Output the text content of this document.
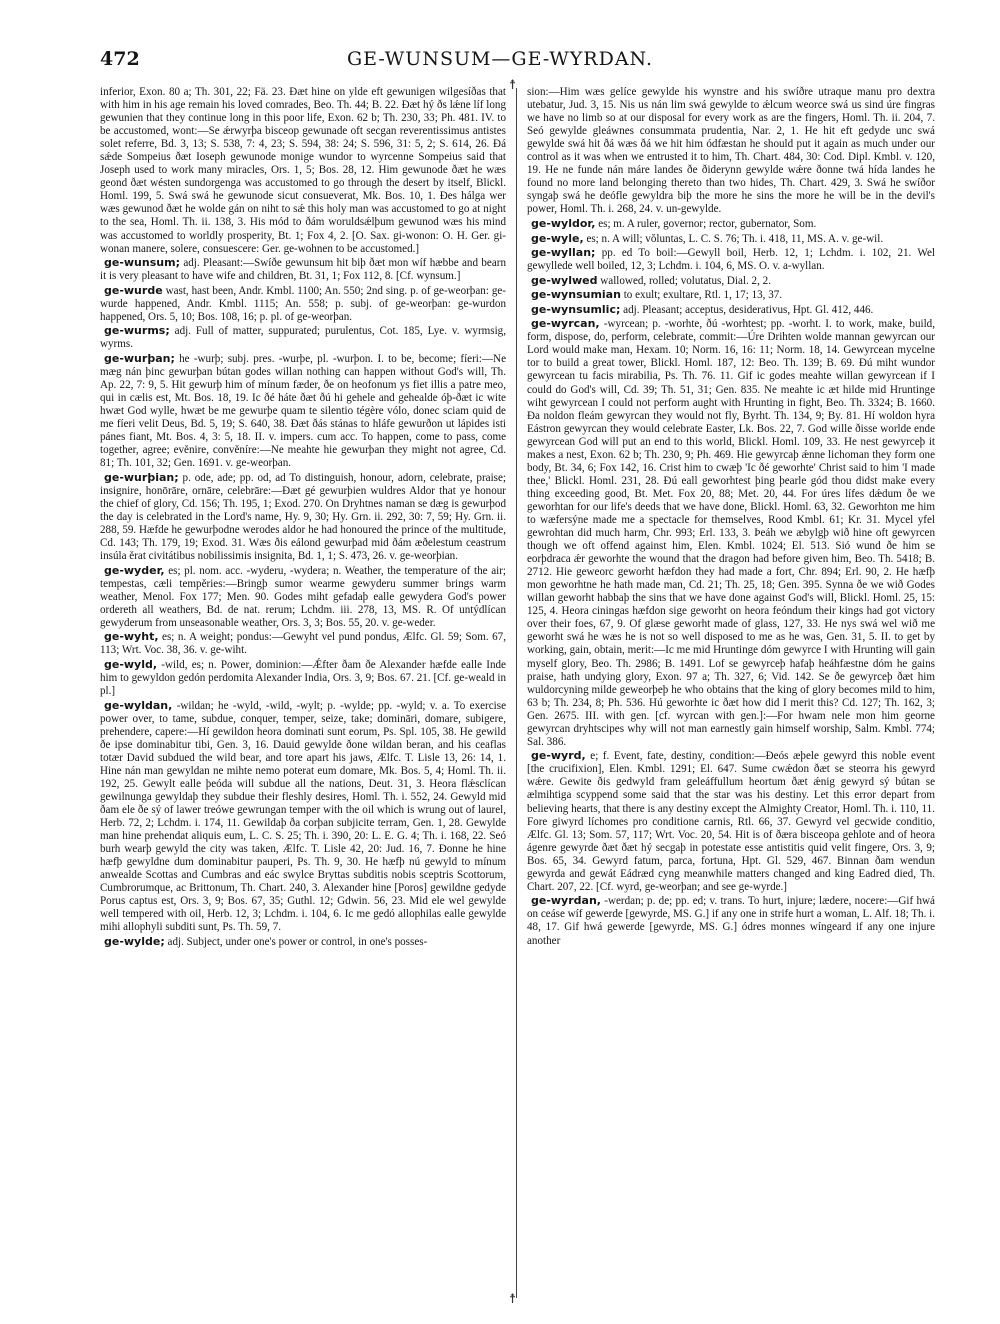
472	GE-WUNSUM—GE-WYRDAN.
☨
☨

inferior, Exon. 80 a; Th. 301, 22; Fä. 23. Ðæt hine on ylde eft gewunigen wilgesíðas that with him in his age remain his loved comrades, Beo. Th. 44; B. 22. Ðæt hý ðs lǽne líf long gewunien that they continue long in this poor life, Exon. 62 b; Th. 230, 33; Ph. 481. IV. to be accustomed, wont:—Se ǽrwyrþa bisceop gewunade oft secgan reverentissimus antistes solet referre, Bd. 3, 13; S. 538, 7: 4, 23; S. 594, 38: 24; S. 596, 31: 5, 2; S. 614, 26. Ðá sǽde Sompeius ðæt Ioseph gewunode monige wundor to wyrcenne Sompeius said that Joseph used to work many miracles, Ors. 1, 5; Bos. 28, 12. Him gewunode ðæt he wæs geond ðæt wésten sundorgenga was accustomed to go through the desert by itself, Blickl. Homl. 199, 5. Swá swá he gewunode sicut consueverat, Mk. Bos. 10, 1. Ðes hálga wer wæs gewunod ðæt he wolde gán on niht to sǽ this holy man was accustomed to go at night to the sea, Homl. Th. ii. 138, 3. His mód to ðám woruldsǽlþum gewunod wæs his mind was accustomed to worldly prosperity, Bt. 1; Fox 4, 2. [O. Sax. gi-wonon: O. H. Ger. gi-wonan manere, solere, consuescere: Ger. ge-wohnen to be accustomed.]

ge-wunsum; adj. Pleasant:—Swíðe gewunsum hit biþ ðæt mon wíf hæbbe and bearn it is very pleasant to have wife and children, Bt. 31, 1; Fox 112, 8. [Cf. wynsum.]

ge-wurde wast, hast been, Andr. Kmbl. 1100; An. 550; 2nd sing. p. of ge-weorþan: ge-wurde happened, Andr. Kmbl. 1115; An. 558; p. subj. of ge-weorþan: ge-wurdon happened, Ors. 5, 10; Bos. 108, 16; p. pl. of ge-weorþan.

ge-wurms; adj. Full of matter, suppurated; purulentus, Cot. 185, Lye. v. wyrmsig, wyrms.

ge-wurþan; he -wurþ; subj. pres. -wurþe, pl. -wurþon. I. to be, become; fíeri:—Ne mæg nán þinc gewurþan bútan godes willan nothing can happen without God's will, Th. Ap. 22, 7: 9, 5. Hit gewurþ him of mínum fæder, ðe on heofonum ys fiet illis a patre meo, qui in cælis est, Mt. Bos. 18, 19. Ic ðé háte ðæt ðú hi gehele and gehealde óþ-ðæt ic wite hwæt God wylle, hwæt be me gewurþe quam te silentio tégère vólo, donec sciam quid de me fíeri velit Deus, Bd. 5, 19; S. 640, 38. Ðæt ðás stánas to hláfe gewurðon ut lápides isti pánes fiant, Mt. Bos. 4, 3: 5, 18. II. v. impers. cum acc. To happen, come to pass, come together, agree; evěnire, convěníre:—Ne meahte hie gewurþan they might not agree, Cd. 81; Th. 101, 32; Gen. 1691. v. ge-weorþan.

ge-wurþian; p. ode, ade; pp. od, ad To distinguish, honour, adorn, celebrate, praise; insignire, honōrāre, ornāre, celebrāre:—Ðæt gé gewurþien wuldres Aldor that ye honour the chief of glory, Cd. 156; Th. 195, 1; Exod. 270. On Dryhtnes naman se dæg is gewurþod the day is celebrated in the Lord's name, Hy. 9, 30; Hy. Grn. ii. 292, 30: 7, 59; Hy. Grn. ii. 288, 59. Hæfde he gewurþodne werodes aldor he had honoured the prince of the multitude, Cd. 143; Th. 179, 19; Exod. 31. Wæs ðis eálond gewurþad mid ðám æðelestum ceastrum insúla ěrat civitátibus nobilissimis insignita, Bd. 1, 1; S. 473, 26. v. ge-weorþian.

ge-wyder, es; pl. nom. acc. -wyderu, -wydera; n. Weather, the temperature of the air; tempestas, cæli tempěries:—Bringþ sumor wearme gewyderu summer brings warm weather, Menol. Fox 177; Men. 90. Godes miht gefadaþ ealle gewydera God's power ordereth all weathers, Bd. de nat. rerum; Lchdm. iii. 278, 13, MS. R. Of untýdlícan gewyderum from unseasonable weather, Ors. 3, 3; Bos. 55, 20. v. ge-weder.

ge-wyht, es; n. A weight; pondus:—Gewyht vel pund pondus, Ælfc. Gl. 59; Som. 67, 113; Wrt. Voc. 38, 36. v. ge-wiht.

ge-wyld, -wild, es; n. Power, dominion:—Ǽfter ðam ðe Alexander hæfde ealle Inde him to gewyldon gedón perdomita Alexander India, Ors. 3, 9; Bos. 67. 21. [Cf. ge-weald in pl.]

ge-wyldan, -wildan; he -wyld, -wild, -wylt; p. -wylde; pp. -wyld; v. a. To exercise power over, to tame, subdue, conquer, temper, seize, take; domināri, domare, subigere, prehendere, capere:—Hí gewildon heora dominati sunt eorum, Ps. Spl. 105, 38. He gewild ðe ipse dominabitur tibi, Gen. 3, 16. Dauid gewylde ðone wildan beran, and his ceaflas totær David subdued the wild bear, and tore apart his jaws, Ælfc. T. Lisle 13, 26: 14, 1. Hine nán man gewyldan ne mihte nemo poterat eum domare, Mk. Bos. 5, 4; Homl. Th. ii. 192, 25. Gewylt ealle þeóda will subdue all the nations, Deut. 31, 3. Heora flǽsclícan gewilnunga gewyldaþ they subdue their fleshly desires, Homl. Th. i. 552, 24. Gewyld mid ðam ele ðe sý of lawer treówe gewrungan temper with the oil which is wrung out of laurel, Herb. 72, 2; Lchdm. i. 174, 11. Gewildaþ ða corþan subjicite terram, Gen. 1, 28. Gewylde man hine prehendat aliquis eum, L. C. S. 25; Th. i. 390, 20: L. E. G. 4; Th. i. 168, 22. Seó burh wearþ gewyld the city was taken, Ælfc. T. Lisle 42, 20: Jud. 16, 7. Ðonne he hine hæfþ gewyldne dum dominabitur pauperi, Ps. Th. 9, 30. He hæfþ nú gewyld to mínum anwealde Scottas and Cumbras and eác swylce Bryttas subditis nobis sceptris Scottorum, Cumbrorumque, ac Brittonum, Th. Chart. 240, 3. Alexander hine [Poros] gewildne gedyde Porus captus est, Ors. 3, 9; Bos. 67, 35; Guthl. 12; Gdwin. 56, 23. Mid ele wel gewylde well tempered with oil, Herb. 12, 3; Lchdm. i. 104, 6. Ic me gedó allophilas ealle gewylde mihi allophyli subditi sunt, Ps. Th. 59, 7.

ge-wylde; adj. Subject, under one's power or control, in one's posses-

sion:—Him wæs gelíce gewylde his wynstre and his swíðre utraque manu pro dextra utebatur, Jud. 3, 15. Nis us nán lim swá gewylde to ǽlcum weorce swá us sind úre fingras we have no limb so at our disposal for every work as are the fingers, Homl. Th. ii. 204, 7. Seó gewylde gleáwnes consummata prudentia, Nar. 2, 1. He hit eft gedyde unc swá gewylde swá hit ðá wæs ðá we hit him ódfæstan he should put it again as much under our control as it was when we entrusted it to him, Th. Chart. 484, 30: Cod. Dipl. Kmbl. v. 120, 19. He ne funde nán máre landes ðe ðiderynn gewylde wǽre ðonne twá hída landes he found no more land belonging thereto than two hides, Th. Chart. 429, 3. Swá he swíðor syngaþ swá he deófle gewyldra biþ the more he sins the more he will be in the devil's power, Homl. Th. i. 268, 24. v. un-gewylde.

ge-wyldor, es; m. A ruler, governor; rector, gubernator, Som.

ge-wyle, es; n. A will; vŏluntas, L. C. S. 76; Th. i. 418, 11, MS. A. v. ge-wil.

ge-wyllan; pp. ed To boil:—Gewyll boil, Herb. 12, 1; Lchdm. i. 102, 21. Wel gewyllede well boiled, 12, 3; Lchdm. i. 104, 6, MS. O. v. a-wyllan.

ge-wylwed wallowed, rolled; volutatus, Dial. 2, 2.

ge-wynsumian to exult; exultare, Rtl. 1, 17; 13, 37.

ge-wynsumlic; adj. Pleasant; acceptus, desiderativus, Hpt. Gl. 412, 446.

ge-wyrcan, -wyrcean; p. -worhte, ðú -worhtest; pp. -worht. I. to work, make, build, form, dispose, do, perform, celebrate, commit:—Úre Drihten wolde mannan gewyrcan our Lord would make man, Hexam. 10; Norm. 16, 16: 11; Norm. 18, 14. Gewyrcean mycelne tor to build a great tower, Blickl. Homl. 187, 12: Beo. Th. 139; B. 69. Ðú miht wundor gewyrcean tu facis mirabilia, Ps. Th. 76. 11. Gif ic godes meahte willan gewyrcean if I could do God's will, Cd. 39; Th. 51, 31; Gen. 835. Ne meahte ic æt hilde mid Hruntinge wiht gewyrcean I could not perform aught with Hrunting in fight, Beo. Th. 3324; B. 1660. Ða noldon fleám gewyrcan they would not fly, Byrht. Th. 134, 9; By. 81. Hí woldon hyra Eástron gewyrcan they would celebrate Easter, Lk. Bos. 22, 7. God wille ðisse worlde ende gewyrcean God will put an end to this world, Blickl. Homl. 109, 33. He nest gewyrceþ it makes a nest, Exon. 62 b; Th. 230, 9; Ph. 469. Hie gewyrcaþ ǽnne lichoman they form one body, Bt. 34, 6; Fox 142, 16. Crist him to cwæþ 'Ic ðé geworhte' Christ said to him 'I made thee,' Blickl. Homl. 231, 28. Ðú eall geworhtest þing þearle gód thou didst make every thing exceeding good, Bt. Met. Fox 20, 88; Met. 20, 44. For úres lífes dǽdum ðe we geworhtan for our life's deeds that we have done, Blickl. Homl. 63, 32. Geworhton me him to wæfersýne made me a spectacle for themselves, Rood Kmbl. 61; Kr. 31. Mycel yfel gewrohtan did much harm, Chr. 993; Erl. 133, 3. Þeáh we æbylgþ wið hine oft gewyrcen though we oft offend against him, Elen. Kmbl. 1024; El. 513. Sió wund ðe him se eorþdraca ǽr geworhte the wound that the dragon had before given him, Beo. Th. 5418; B. 2712. Hie geweorc geworht hæfdon they had made a fort, Chr. 894; Erl. 90, 2. He hæfþ mon geworhtne he hath made man, Cd. 21; Th. 25, 18; Gen. 395. Synna ðe we wið Godes willan geworht habbaþ the sins that we have done against God's will, Blickl. Homl. 25, 15: 125, 4. Heora ciningas hæfdon sige geworht on heora feóndum their kings had got victory over their foes, 67, 9. Of glæse geworht made of glass, 127, 33. He nys swá wel wið me geworht swá he wæs he is not so well disposed to me as he was, Gen. 31, 5. II. to get by working, gain, obtain, merit:—Ic me mid Hruntinge dóm gewyrce I with Hrunting will gain myself glory, Beo. Th. 2986; B. 1491. Lof se gewyrceþ hafaþ heáhfæstne dóm he gains praise, hath undying glory, Exon. 97 a; Th. 327, 6; Vid. 142. Se ðe gewyrceþ ðæt him wuldorcyning milde geweorþeþ he who obtains that the king of glory becomes mild to him, 63 b; Th. 234, 8; Ph. 536. Hú geworhte ic ðæt how did I merit this? Cd. 127; Th. 162, 3; Gen. 2675. III. with gen. [cf. wyrcan with gen.]:—For hwam nele mon him georne gewyrcan dryhtscipes why will not man earnestly gain himself worship, Salm. Kmbl. 774; Sal. 386.

ge-wyrd, e; f. Event, fate, destiny, condition:—Ðeós æþele gewyrd this noble event [the crucifixion], Elen. Kmbl. 1291; El. 647. Sume cwǽdon ðæt se steorra his gewyrd wǽre. Gewite ðis gedwyld fram geleáffullum heortum ðæt ǽnig gewyrd sý bútan se ælmihtiga scyppend some said that the star was his destiny. Let this error depart from believing hearts, that there is any destiny except the Almighty Creator, Homl. Th. i. 110, 11. Fore giwyrd líchomes pro conditione carnis, Rtl. 66, 37. Gewyrd vel gecwide conditio, Ælfc. Gl. 13; Som. 57, 117; Wrt. Voc. 20, 54. Hit is of ðæra bisceopa gehlote and of heora ágenre gewyrde ðæt ðæt hý secgaþ in potestate esse antistitis quid velit fingere, Ors. 3, 9; Bos. 65, 34. Gewyrd fatum, parca, fortuna, Hpt. Gl. 529, 467. Binnan ðam wendun gewyrda and gewát Eádræd cyng meanwhile matters changed and king Eadred died, Th. Chart. 207, 22. [Cf. wyrd, ge-weorþan; and see ge-wyrde.]

ge-wyrdan, -werdan; p. de; pp. ed; v. trans. To hurt, injure; lædere, nocere:—Gif hwá on ceáse wíf gewerde [gewyrde, MS. G.] if any one in strife hurt a woman, L. Alf. 18; Th. i. 48, 17. Gif hwá gewerde [gewyrde, MS. G.] ódres monnes wíngeard if any one injure another
